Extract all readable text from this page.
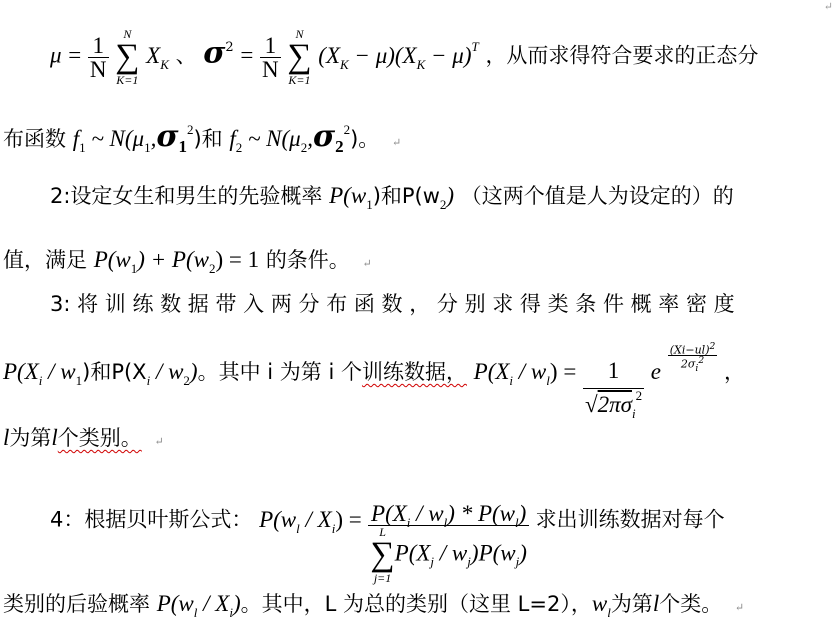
↵
$\mu = \frac{1}{N}$
	N
∑
K=1
$X_K$ 、 $\sigma^2 = \frac{1}{N}$
	N
∑
K=1
$(X_K - \mu)(X_K - \mu)^T$ ，从而求得符合要求的正态分
布函数 $f_1$ ~ $N(\mu_1,\sigma_1^2)$和 $f_2$ ~ $N(\mu_2,\sigma_2^2)$。 ↵
2:设定女生和男生的先验概率 $P(w_1)$和$P(w_2)$ （这两个值是人为设定的）的
值，满足 $P(w_1) + P(w_2) = 1$ 的条件。 ↵
3: 将 训 练 数 据 带 入 两 分 布 函 数 ， 分 别 求 得 类 条 件 概 率 密 度
$P(X_i / w_1)$和$P(X_i / w_2)$。其中 i 为第 i 个训练数据， $P(X_i / w_l) = \frac{1}{√2\pi\sigma_i^2}$ e $\frac{(Xi-ul)^2}{2\sigma_i^2}$ ，
l为第l个类别。 ↵
4：根据贝叶斯公式： $P(w_l / X_i) = P(X_i / w_l) * P(w_l)$
L
∑
j=1
$P(X_j / w_j)P(w_j)$ 求出训练数据对每个
类别的后验概率 $P(w_l / X_i)$。其中，L 为总的类别（这里 L=2），$w_l$为第l个类。 ↵
